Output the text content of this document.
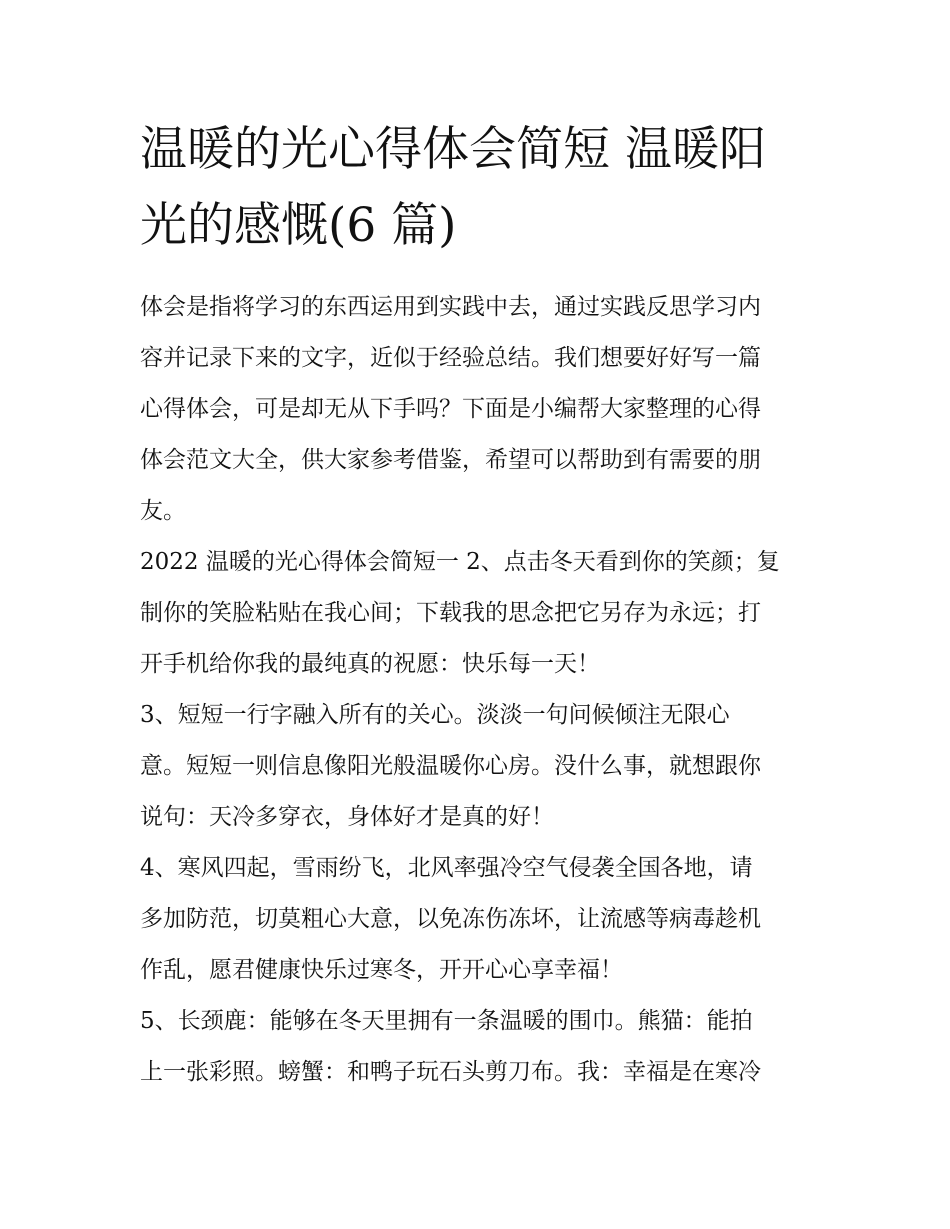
温暖的光心得体会简短 温暖阳
光的感慨(6 篇)
体会是指将学习的东西运用到实践中去，通过实践反思学习内
容并记录下来的文字，近似于经验总结。我们想要好好写一篇
心得体会，可是却无从下手吗？下面是小编帮大家整理的心得
体会范文大全，供大家参考借鉴，希望可以帮助到有需要的朋
友。
2022 温暖的光心得体会简短一 2、点击冬天看到你的笑颜；复
制你的笑脸粘贴在我心间；下载我的思念把它另存为永远；打
开手机给你我的最纯真的祝愿：快乐每一天！
3、短短一行字融入所有的关心。淡淡一句问候倾注无限心
意。短短一则信息像阳光般温暖你心房。没什么事，就想跟你
说句：天冷多穿衣，身体好才是真的好！
4、寒风四起，雪雨纷飞，北风率强冷空气侵袭全国各地，请
多加防范，切莫粗心大意，以免冻伤冻坏，让流感等病毒趁机
作乱，愿君健康快乐过寒冬，开开心心享幸福！
5、长颈鹿：能够在冬天里拥有一条温暖的围巾。熊猫：能拍
上一张彩照。螃蟹：和鸭子玩石头剪刀布。我：幸福是在寒冷
